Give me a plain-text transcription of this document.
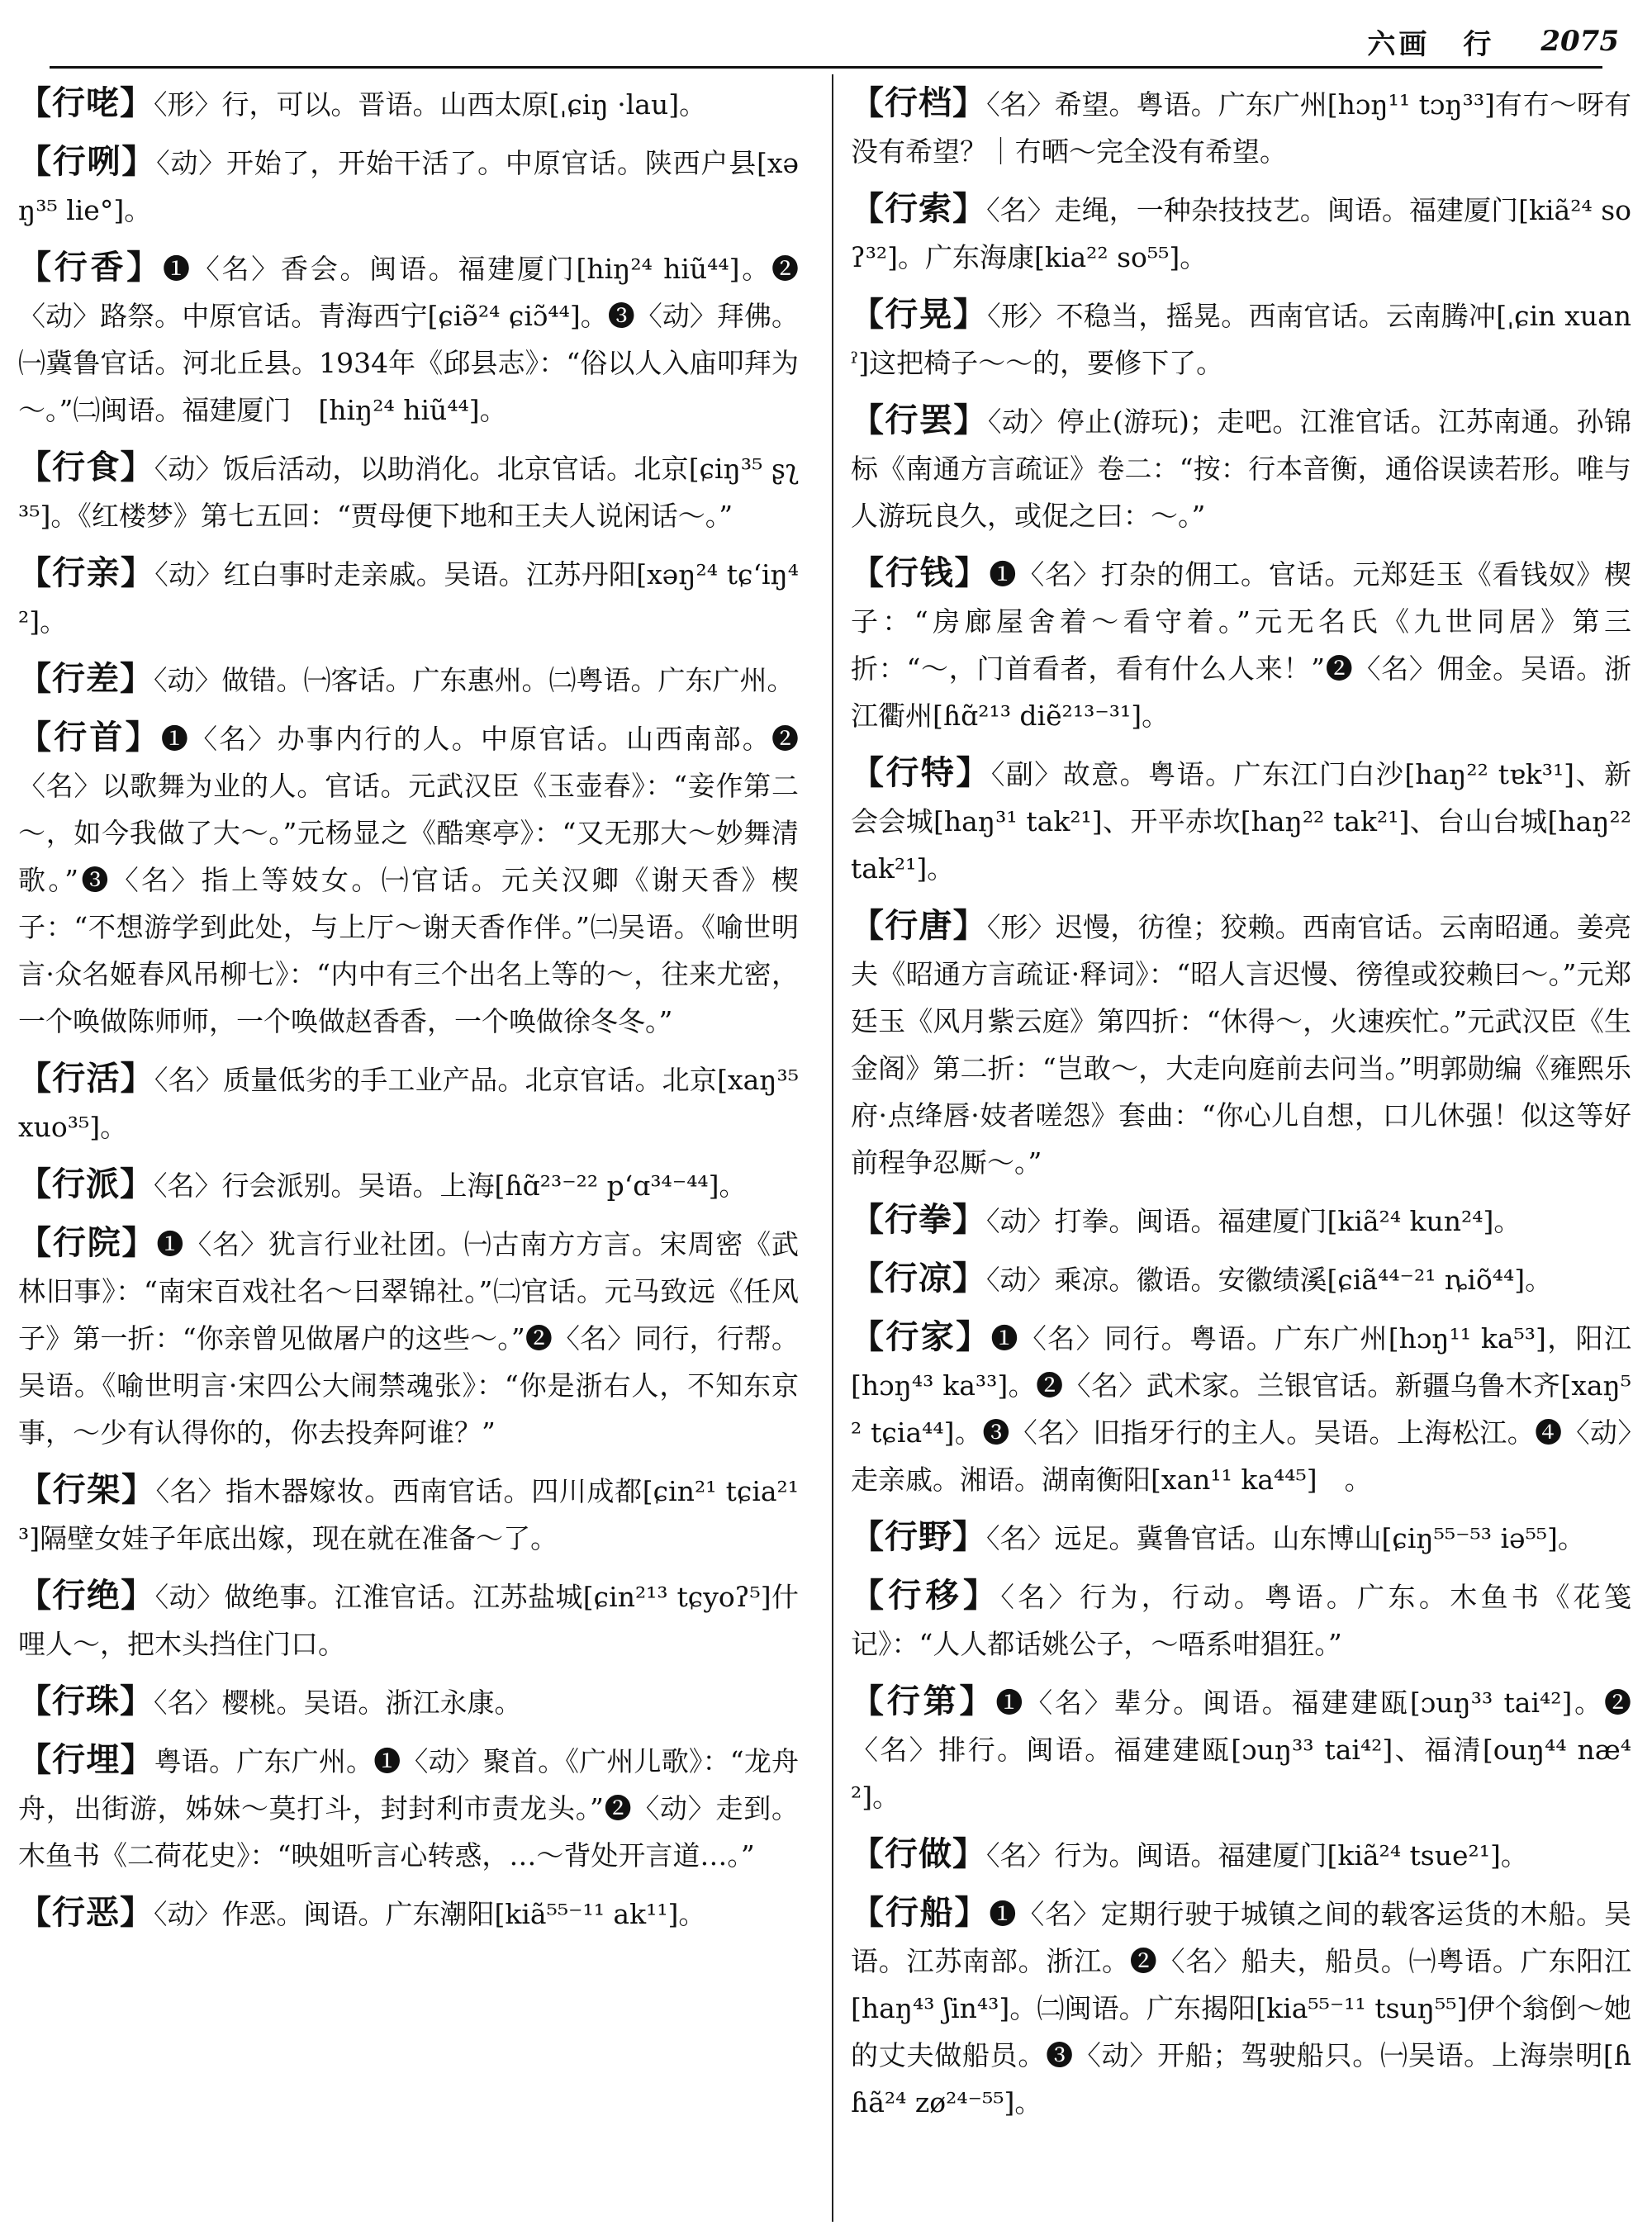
六画 行 2075

【行咾】〈形〉行，可以。晋语。山西太原[ˌɕiŋ ·lau]。

【行咧】〈动〉开始了，开始干活了。中原官话。陕西户县[xəŋ³⁵ lie°]。

【行香】❶〈名〉香会。闽语。福建厦门[hiŋ²⁴ hiũ⁴⁴]。❷〈动〉路祭。中原官话。青海西宁[ɕiə̃²⁴ ɕiɔ̃⁴⁴]。❸〈动〉拜佛。㈠冀鲁官话。河北丘县。1934年《邱县志》：“俗以人入庙叩拜为～。”㈡闽语。福建厦门　[hiŋ²⁴ hiũ⁴⁴]。

【行食】〈动〉饭后活动，以助消化。北京官话。北京[ɕiŋ³⁵ ʂʅ³⁵]。《红楼梦》第七五回：“贾母便下地和王夫人说闲话～。”

【行亲】〈动〉红白事时走亲戚。吴语。江苏丹阳[xəŋ²⁴ tɕʻiŋ⁴²]。

【行差】〈动〉做错。㈠客话。广东惠州。㈡粤语。广东广州。

【行首】❶〈名〉办事内行的人。中原官话。山西南部。❷〈名〉以歌舞为业的人。官话。元武汉臣《玉壶春》：“妾作第二～，如今我做了大～。”元杨显之《酷寒亭》：“又无那大～妙舞清歌。”❸〈名〉指上等妓女。㈠官话。元关汉卿《谢天香》楔子：“不想游学到此处，与上厅～谢天香作伴。”㈡吴语。《喻世明言·众名姬春风吊柳七》：“内中有三个出名上等的～，往来尤密，一个唤做陈师师，一个唤做赵香香，一个唤做徐冬冬。”

【行活】〈名〉质量低劣的手工业产品。北京官话。北京[xaŋ³⁵ xuo³⁵]。

【行派】〈名〉行会派别。吴语。上海[ɦɑ̃²³⁻²² pʻɑ³⁴⁻⁴⁴]。

【行院】❶〈名〉犹言行业社团。㈠古南方方言。宋周密《武林旧事》：“南宋百戏社名～曰翠锦社。”㈡官话。元马致远《任风子》第一折：“你亲曾见做屠户的这些～。”❷〈名〉同行，行帮。吴语。《喻世明言·宋四公大闹禁魂张》：“你是浙右人，不知东京事，～少有认得你的，你去投奔阿谁？”

【行架】〈名〉指木器嫁妆。西南官话。四川成都[ɕin²¹ tɕia²¹³]隔壁女娃子年底出嫁，现在就在准备～了。

【行绝】〈动〉做绝事。江淮官话。江苏盐城[ɕin²¹³ tɕyoʔ⁵]什哩人～，把木头挡住门口。

【行珠】〈名〉樱桃。吴语。浙江永康。

【行埋】粤语。广东广州。❶〈动〉聚首。《广州儿歌》：“龙舟舟，出街游，姊妹～莫打斗，封封利市责龙头。”❷〈动〉走到。木鱼书《二荷花史》：“映姐听言心转惑，…～背处开言道…。”

【行恶】〈动〉作恶。闽语。广东潮阳[kiã⁵⁵⁻¹¹ ak¹¹]。

【行档】〈名〉希望。粤语。广东广州[hɔŋ¹¹ tɔŋ³³]有冇～呀有没有希望？｜冇晒～完全没有希望。

【行索】〈名〉走绳，一种杂技技艺。闽语。福建厦门[kiã²⁴ soʔ³²]。广东海康[kia²² so⁵⁵]。

【行晃】〈形〉不稳当，摇晃。西南官话。云南腾冲[ˌɕin xuanˀ]这把椅子～～的，要修下了。

【行罢】〈动〉停止(游玩)；走吧。江淮官话。江苏南通。孙锦标《南通方言疏证》卷二：“按：行本音衡，通俗误读若形。唯与人游玩良久，或促之曰：～。”

【行钱】❶〈名〉打杂的佣工。官话。元郑廷玉《看钱奴》楔子：“房廊屋舍着～看守着。”元无名氏《九世同居》第三折：“～，门首看者，看有什么人来！”❷〈名〉佣金。吴语。浙江衢州[ɦɑ̃²¹³ diẽ²¹³⁻³¹]。

【行特】〈副〉故意。粤语。广东江门白沙[haŋ²² tɐk³¹]、新会会城[haŋ³¹ tak²¹]、开平赤坎[haŋ²² tak²¹]、台山台城[haŋ²² tak²¹]。

【行唐】〈形〉迟慢，彷徨；狡赖。西南官话。云南昭通。姜亮夫《昭通方言疏证·释词》：“昭人言迟慢、徬徨或狡赖曰～。”元郑廷玉《风月紫云庭》第四折：“休得～，火速疾忙。”元武汉臣《生金阁》第二折：“岂敢～，大走向庭前去问当。”明郭勋编《雍熙乐府·点绛唇·妓者嗟怨》套曲：“你心儿自想，口儿休强！似这等好前程争忍厮～。”

【行拳】〈动〉打拳。闽语。福建厦门[kiã²⁴ kun²⁴]。

【行凉】〈动〉乘凉。徽语。安徽绩溪[ɕiã⁴⁴⁻²¹ ȵiõ⁴⁴]。

【行家】❶〈名〉同行。粤语。广东广州[hɔŋ¹¹ ka⁵³]，阳江[hɔŋ⁴³ ka³³]。❷〈名〉武术家。兰银官话。新疆乌鲁木齐[xaŋ⁵² tɕia⁴⁴]。❸〈名〉旧指牙行的主人。吴语。上海松江。❹〈动〉走亲戚。湘语。湖南衡阳[xan¹¹ ka⁴⁴⁵]　。

【行野】〈名〉远足。冀鲁官话。山东博山[ɕiŋ⁵⁵⁻⁵³ iə⁵⁵]。

【行移】〈名〉行为，行动。粤语。广东。木鱼书《花笺记》：“人人都话姚公子，～唔系咁猖狂。”

【行第】❶〈名〉辈分。闽语。福建建瓯[ɔuŋ³³ tai⁴²]。❷〈名〉排行。闽语。福建建瓯[ɔuŋ³³ tai⁴²]、福清[ouŋ⁴⁴ næ⁴²]。

【行做】〈名〉行为。闽语。福建厦门[kiã²⁴ tsue²¹]。

【行船】❶〈名〉定期行驶于城镇之间的载客运货的木船。吴语。江苏南部。浙江。❷〈名〉船夫，船员。㈠粤语。广东阳江[haŋ⁴³ ʃin⁴³]。㈡闽语。广东揭阳[kia⁵⁵⁻¹¹ tsuŋ⁵⁵]伊个翁倒～她的丈夫做船员。❸〈动〉开船；驾驶船只。㈠吴语。上海崇明[ɦɦã²⁴ zø²⁴⁻⁵⁵]。
